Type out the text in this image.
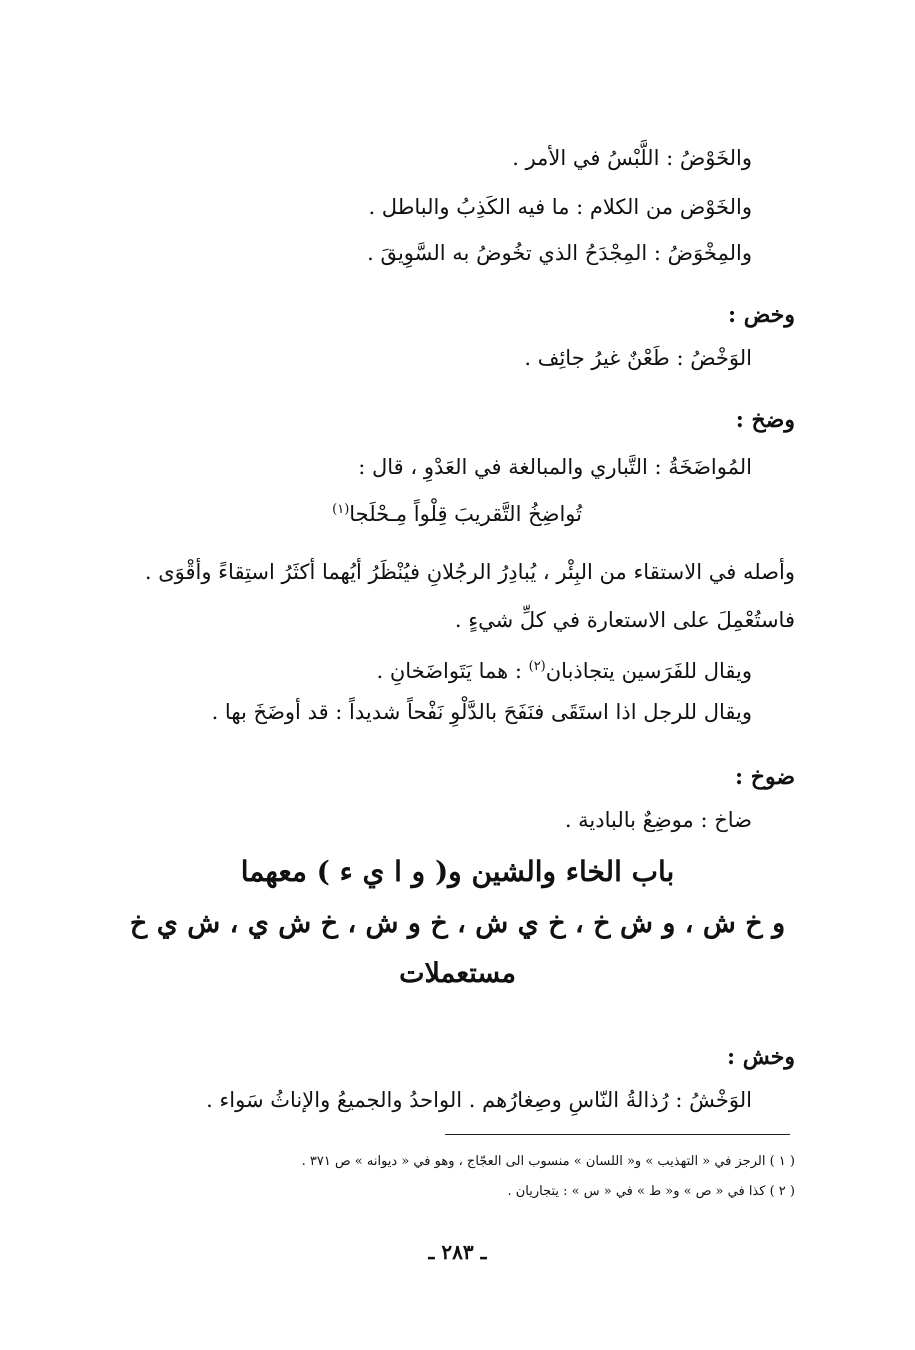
والخَوْضُ : اللَّبْسُ في الأمر .
والخَوْض من الكلام : ما فيه الكَذِبُ والباطل .
والمِخْوَضُ : المِجْدَحُ الذي تخُوضُ به السَّوِيقَ .
وخض :
الوَخْضُ : طَعْنٌ غيرُ جائِف .
وضخ :
المُواضَخَةُ : التَّباري والمبالغة في العَدْوِ ، قال :
تُواضِخُ التَّقريبَ قِلْواً مِـحْلَجا$^{(١)}$
وأصله في الاستقاء من البِئْر ، يُبادِرُ الرجُلانِ فيُنْظَرُ أيُهما أكثَرُ استِقاءً وأقْوَى .
فاستُعْمِلَ على الاستعارة في كلِّ شيءٍ .
ويقال للفَرَسين يتجاذبان$^{(٢)}$ : هما يَتَواضَخانِ .
ويقال للرجل اذا استَقَى فنَفَحَ بالدَّلْوِ نَفْحاً شديداً : قد أوضَخَ بها .
ضوخ :
ضاخ : موضِعٌ بالبادية .
باب الخاء والشين و( و ا ي ء ) معهما
و خ ش ، و ش خ ، خ ي ش ، خ و ش ، خ ش ي ، ش ي خ
مستعملات
وخش :
الوَخْشُ : رُذالةُ النّاسِ وصِغارُهم . الواحدُ والجميعُ والإناثُ سَواء .
( ١ ) الرجز في « التهذيب » و« اللسان » منسوب الى العجّاج ، وهو في « ديوانه » ص ٣٧١ .
( ٢ ) كذا في « ص » و« ط » في « س » : يتجاريان .
ـ ٢٨٣ ـ
